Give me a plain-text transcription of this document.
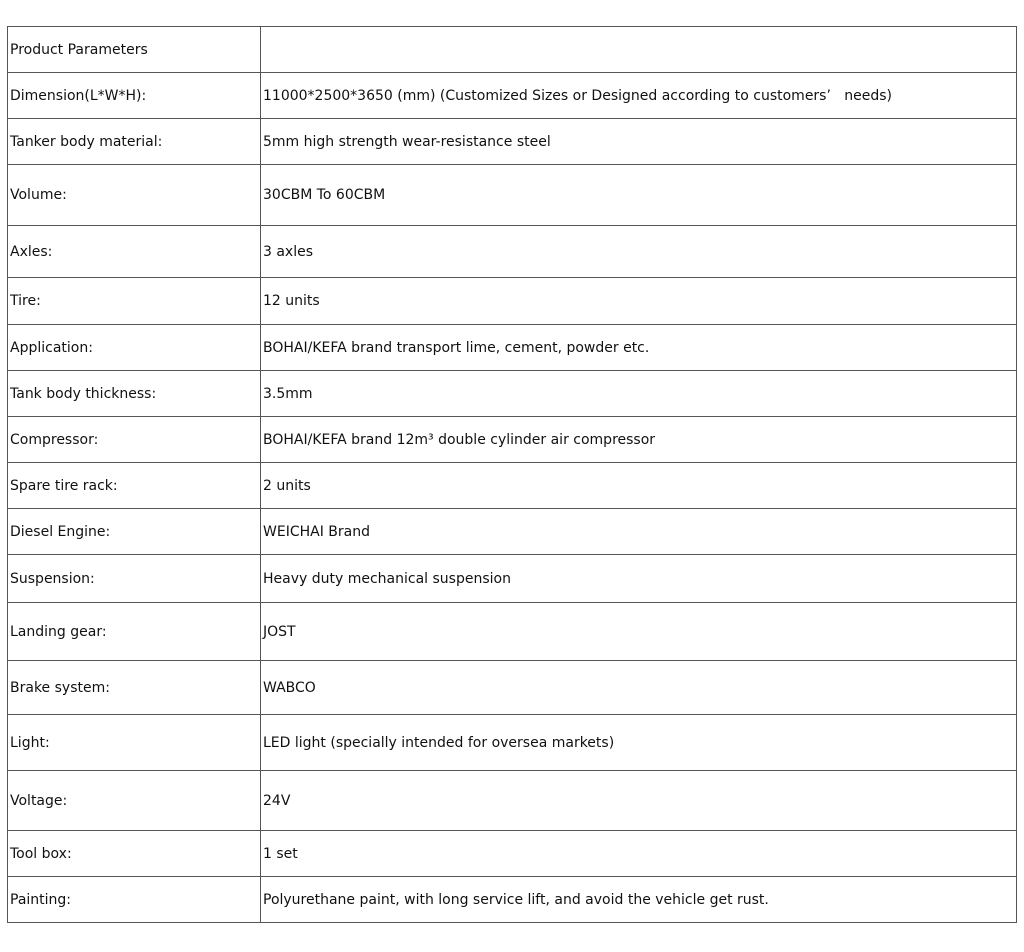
Product Parameters	
Dimension(L*W*H):	11000*2500*3650 (mm) (Customized Sizes or Designed according to customers’   needs)
Tanker body material:	5mm high strength wear-resistance steel
Volume:	30CBM To 60CBM
Axles:	3 axles
Tire:	12 units
Application:	BOHAI/KEFA brand transport lime, cement, powder etc.
Tank body thickness:	3.5mm
Compressor:	BOHAI/KEFA brand 12m³ double cylinder air compressor
Spare tire rack:	2 units
Diesel Engine:	WEICHAI Brand
Suspension:	Heavy duty mechanical suspension
Landing gear:	JOST
Brake system:	WABCO
Light:	LED light (specially intended for oversea markets)
Voltage:	24V
Tool box:	1 set
Painting:	Polyurethane paint, with long service lift, and avoid the vehicle get rust.
